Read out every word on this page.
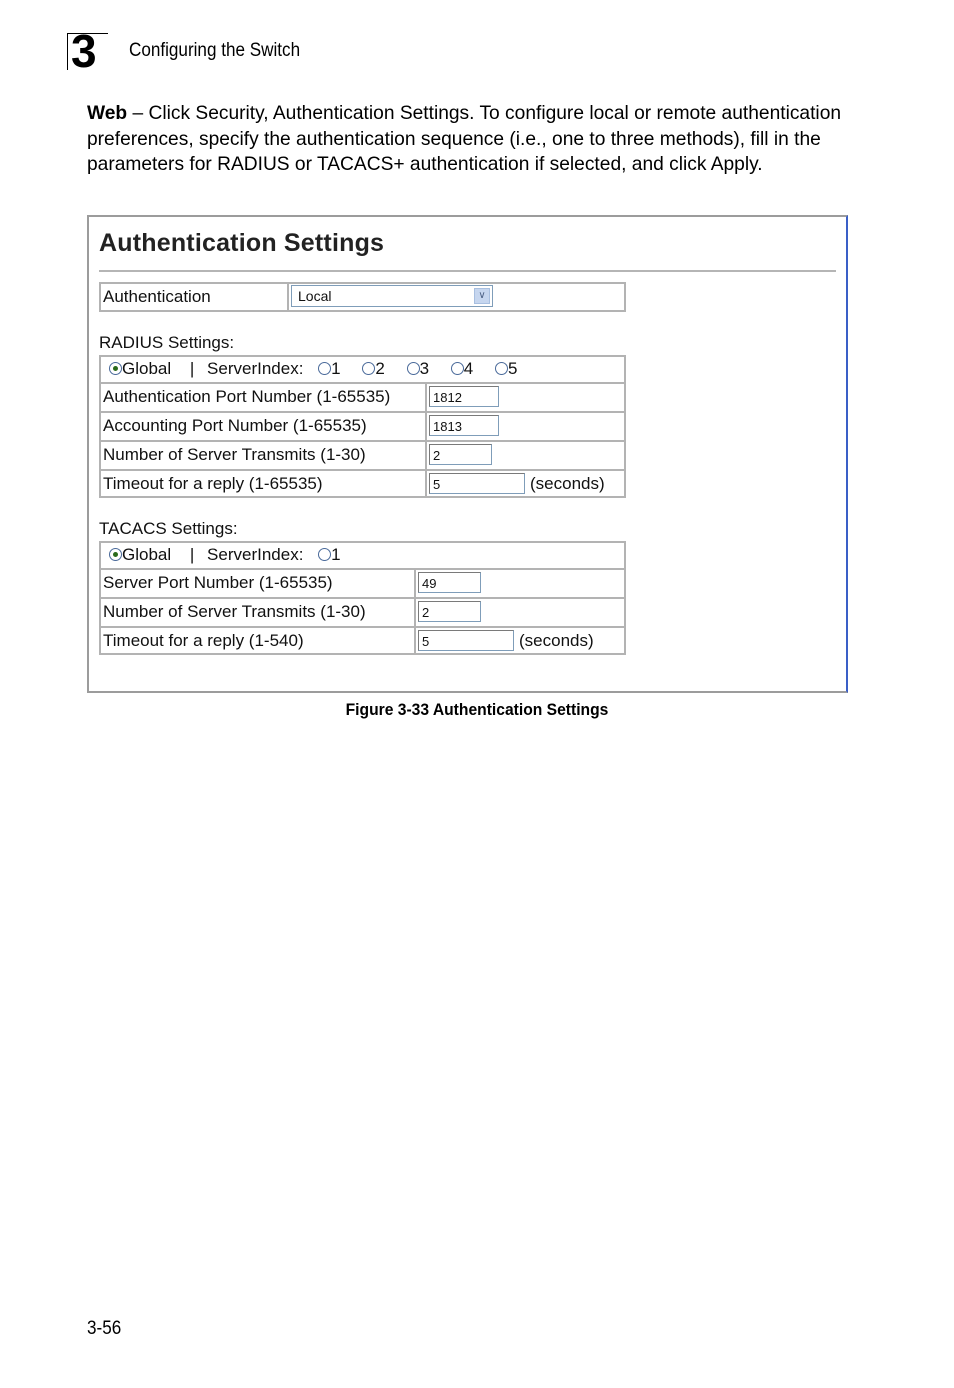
3 Configuring the Switch
Web – Click Security, Authentication Settings. To configure local or remote authentication preferences, specify the authentication sequence (i.e., one to three methods), fill in the parameters for RADIUS or TACACS+ authentication if selected, and click Apply.
Authentication Settings
Authentication	Local	∨
RADIUS Settings:
Global | ServerIndex: 1 2 3 4 5
Authentication Port Number (1-65535)	1812
Accounting Port Number (1-65535)	1813
Number of Server Transmits (1-30)	2
Timeout for a reply (1-65535)	5	(seconds)
TACACS Settings:
Global | ServerIndex: 1
Server Port Number (1-65535)	49
Number of Server Transmits (1-30)	2
Timeout for a reply (1-540)	5	(seconds)
Figure 3-33 Authentication Settings
3-56
